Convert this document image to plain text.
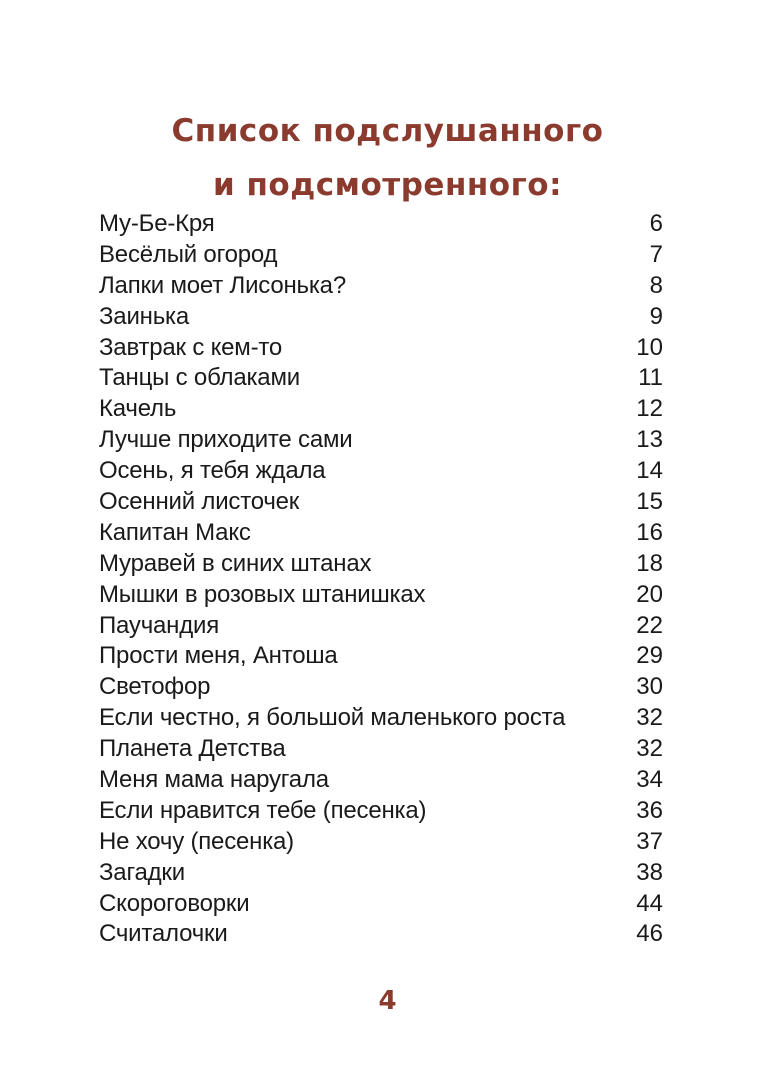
Список подслушанного
и подсмотренного:
Му-Бе-Кря	6
Весёлый огород	7
Лапки моет Лисонька?	8
Заинька	9
Завтрак с кем-то	10
Танцы с облаками	11
Качель	12
Лучше приходите сами	13
Осень, я тебя ждала	14
Осенний листочек	15
Капитан Макс	16
Муравей в синих штанах	18
Мышки в розовых штанишках	20
Паучандия	22
Прости меня, Антоша	29
Светофор	30
Если честно, я большой маленького роста	32
Планета Детства	32
Меня мама наругала	34
Если нравится тебе (песенка)	36
Не хочу (песенка)	37
Загадки	38
Скороговорки	44
Считалочки	46
4
